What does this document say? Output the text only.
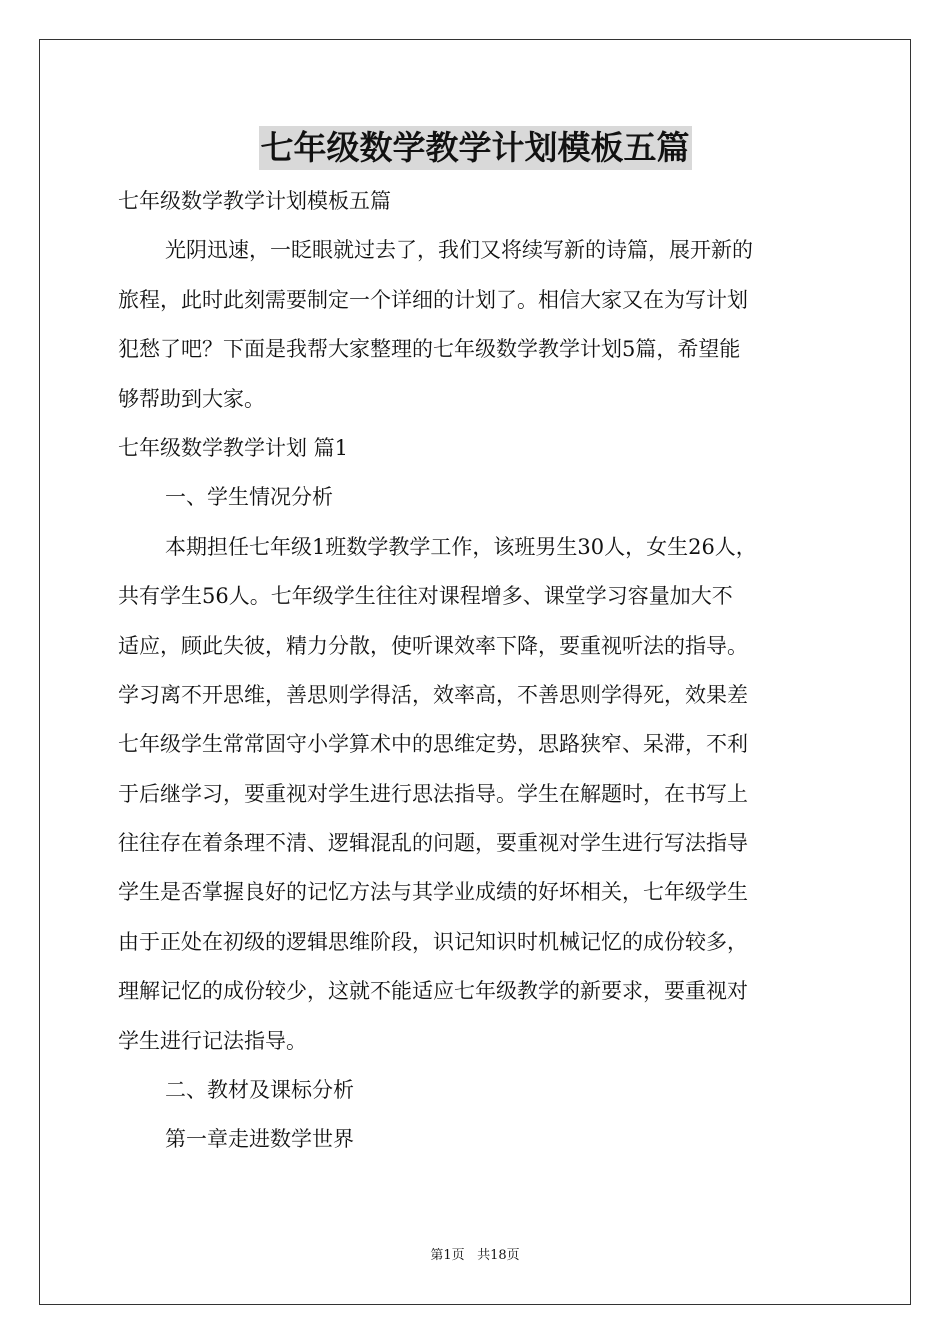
七年级数学教学计划模板五篇
七年级数学教学计划模板五篇
光阴迅速，一眨眼就过去了，我们又将续写新的诗篇，展开新的
旅程，此时此刻需要制定一个详细的计划了。相信大家又在为写计划
犯愁了吧？下面是我帮大家整理的七年级数学教学计划5篇，希望能
够帮助到大家。
七年级数学教学计划 篇1
一、学生情况分析
本期担任七年级1班数学教学工作，该班男生30人，女生26人，
共有学生56人。七年级学生往往对课程增多、课堂学习容量加大不
适应，顾此失彼，精力分散，使听课效率下降，要重视听法的指导。
学习离不开思维，善思则学得活，效率高，不善思则学得死，效果差
七年级学生常常固守小学算术中的思维定势，思路狭窄、呆滞，不利
于后继学习，要重视对学生进行思法指导。学生在解题时，在书写上
往往存在着条理不清、逻辑混乱的问题，要重视对学生进行写法指导
学生是否掌握良好的记忆方法与其学业成绩的好坏相关，七年级学生
由于正处在初级的逻辑思维阶段，识记知识时机械记忆的成份较多，
理解记忆的成份较少，这就不能适应七年级教学的新要求，要重视对
学生进行记法指导。
二、教材及课标分析
第一章走进数学世界
第1页 共18页
